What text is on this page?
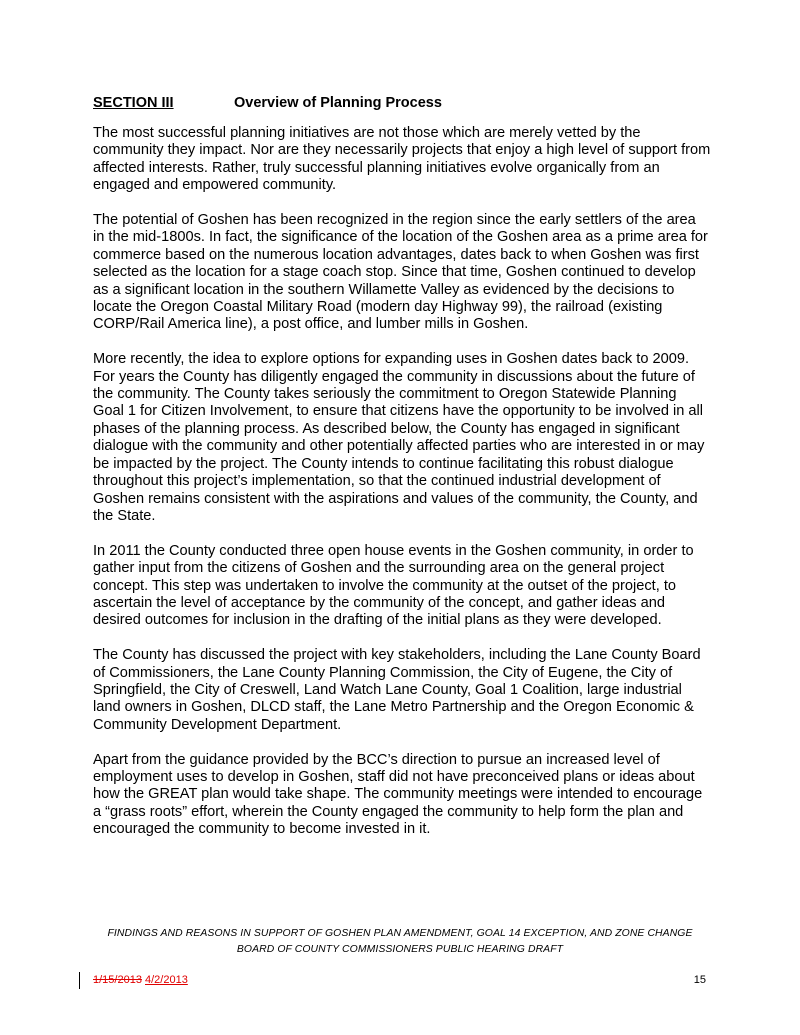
SECTION III	Overview of Planning Process

The most successful planning initiatives are not those which are merely vetted by the community they impact. Nor are they necessarily projects that enjoy a high level of support from affected interests. Rather, truly successful planning initiatives evolve organically from an engaged and empowered community.

The potential of Goshen has been recognized in the region since the early settlers of the area in the mid-1800s. In fact, the significance of the location of the Goshen area as a prime area for commerce based on the numerous location advantages, dates back to when Goshen was first selected as the location for a stage coach stop. Since that time, Goshen continued to develop as a significant location in the southern Willamette Valley as evidenced by the decisions to locate the Oregon Coastal Military Road (modern day Highway 99), the railroad (existing CORP/Rail America line), a post office, and lumber mills in Goshen.

More recently, the idea to explore options for expanding uses in Goshen dates back to 2009. For years the County has diligently engaged the community in discussions about the future of the community. The County takes seriously the commitment to Oregon Statewide Planning Goal 1 for Citizen Involvement, to ensure that citizens have the opportunity to be involved in all phases of the planning process. As described below, the County has engaged in significant dialogue with the community and other potentially affected parties who are interested in or may be impacted by the project. The County intends to continue facilitating this robust dialogue throughout this project’s implementation, so that the continued industrial development of Goshen remains consistent with the aspirations and values of the community, the County, and the State.

In 2011 the County conducted three open house events in the Goshen community, in order to gather input from the citizens of Goshen and the surrounding area on the general project concept. This step was undertaken to involve the community at the outset of the project, to ascertain the level of acceptance by the community of the concept, and gather ideas and desired outcomes for inclusion in the drafting of the initial plans as they were developed.

The County has discussed the project with key stakeholders, including the Lane County Board of Commissioners, the Lane County Planning Commission, the City of Eugene, the City of Springfield, the City of Creswell, Land Watch Lane County, Goal 1 Coalition, large industrial land owners in Goshen, DLCD staff, the Lane Metro Partnership and the Oregon Economic & Community Development Department.

Apart from the guidance provided by the BCC’s direction to pursue an increased level of employment uses to develop in Goshen, staff did not have preconceived plans or ideas about how the GREAT plan would take shape. The community meetings were intended to encourage a “grass roots” effort, wherein the County engaged the community to help form the plan and encouraged the community to become invested in it.

FINDINGS AND REASONS IN SUPPORT OF GOSHEN PLAN AMENDMENT, GOAL 14 EXCEPTION, AND ZONE CHANGE
BOARD OF COUNTY COMMISSIONERS PUBLIC HEARING DRAFT
1/15/2013 4/2/2013	15
